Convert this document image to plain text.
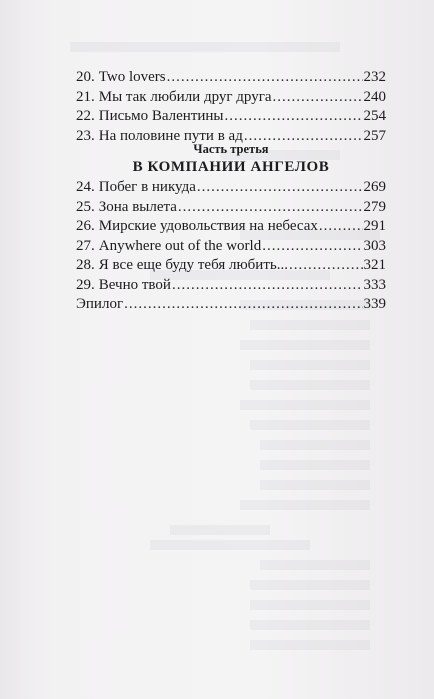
20. Two lovers .....	232
21. Мы так любили друг друга .....	240
22. Письмо Валентины .....	254
23. На половине пути в ад .....	257
Часть третья
В КОМПАНИИ АНГЕЛОВ
24. Побег в никуда .....	269
25. Зона вылета .....	279
26. Мирские удовольствия на небесах .....	291
27. Anywhere out of the world .....	303
28. Я все еще буду тебя любить... .....	321
29. Вечно твой .....	333
Эпилог .....	339
